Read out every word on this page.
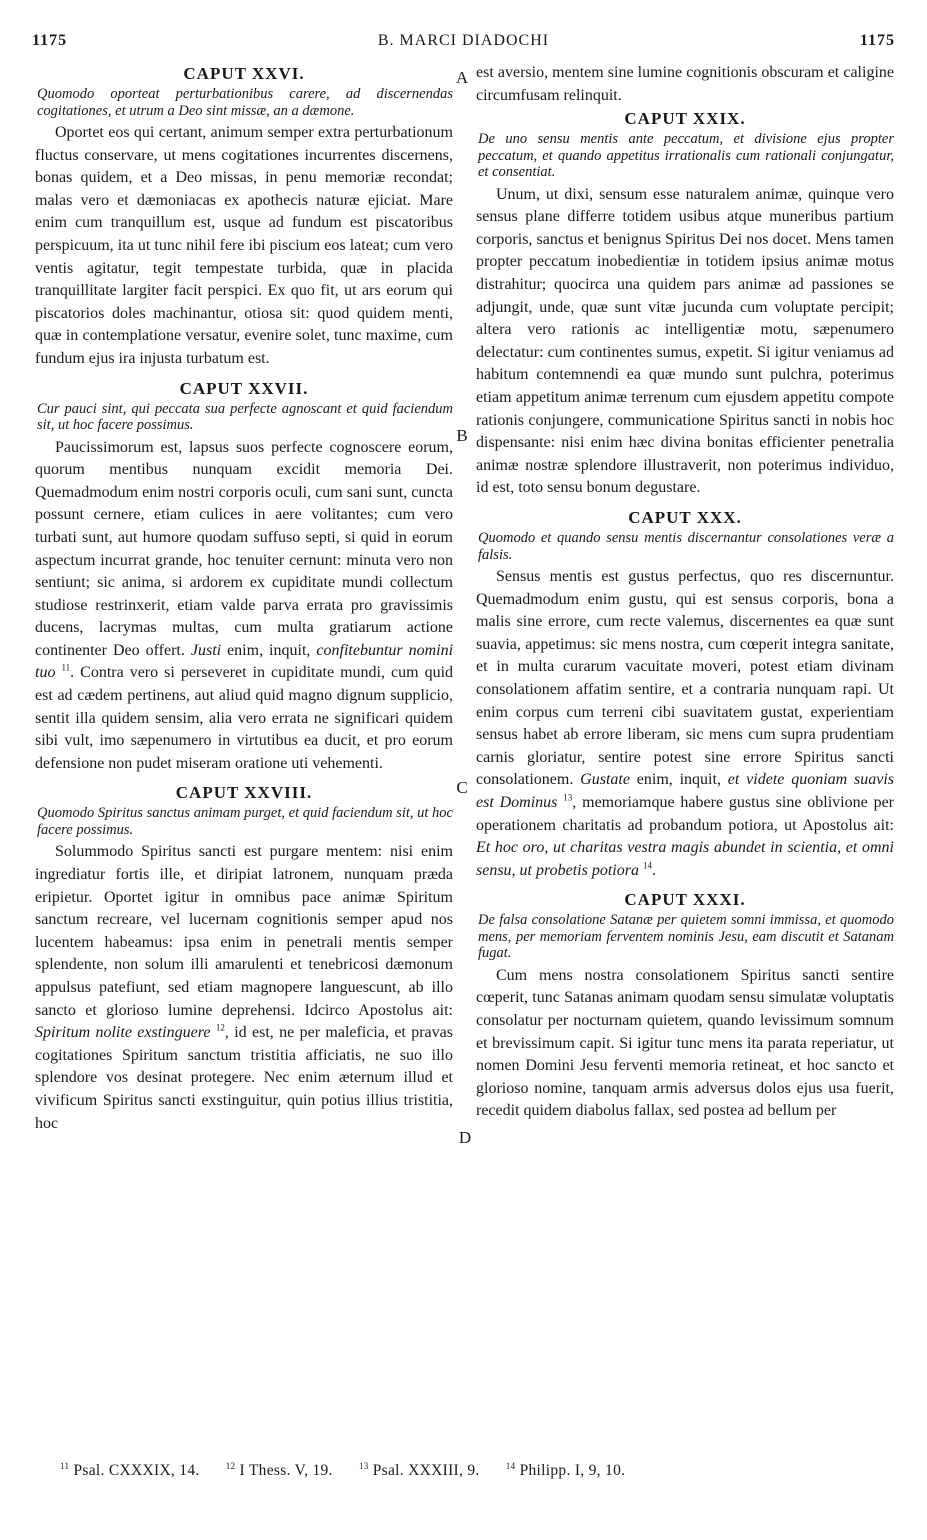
1175	B. MARCI DIADOCHI	1175
A
B
C
D
CAPUT XXVI.
Quomodo oporteat perturbationibus carere, ad discernendas cogitationes, et utrum a Deo sint missæ, an a dæmone.

Oportet eos qui certant, animum semper extra perturbationum fluctus conservare, ut mens cogitationes incurrentes discernens, bonas quidem, et a Deo missas, in penu memoriæ recondat; malas vero et dæmoniacas ex apothecis naturæ ejiciat. Mare enim cum tranquillum est, usque ad fundum est piscatoribus perspicuum, ita ut tunc nihil fere ibi piscium eos lateat; cum vero ventis agitatur, tegit tempestate turbida, quæ in placida tranquillitate largiter facit perspici. Ex quo fit, ut ars eorum qui piscatorios doles machinantur, otiosa sit: quod quidem menti, quæ in contemplatione versatur, evenire solet, tunc maxime, cum fundum ejus ira injusta turbatum est.

CAPUT XXVII.
Cur pauci sint, qui peccata sua perfecte agnoscant et quid faciendum sit, ut hoc facere possimus.

Paucissimorum est, lapsus suos perfecte cognoscere eorum, quorum mentibus nunquam excidit memoria Dei. Quemadmodum enim nostri corporis oculi, cum sani sunt, cuncta possunt cernere, etiam culices in aere volitantes; cum vero turbati sunt, aut humore quodam suffuso septi, si quid in eorum aspectum incurrat grande, hoc tenuiter cernunt: minuta vero non sentiunt; sic anima, si ardorem ex cupiditate mundi collectum studiose restrinxerit, etiam valde parva errata pro gravissimis ducens, lacrymas multas, cum multa gratiarum actione continenter Deo offert. Justi enim, inquit, confitebuntur nomini tuo $^{11}$. Contra vero si perseveret in cupiditate mundi, cum quid est ad cædem pertinens, aut aliud quid magno dignum supplicio, sentit illa quidem sensim, alia vero errata ne significari quidem sibi vult, imo sæpenumero in virtutibus ea ducit, et pro eorum defensione non pudet miseram oratione uti vehementi.

CAPUT XXVIII.
Quomodo Spiritus sanctus animam purget, et quid faciendum sit, ut hoc facere possimus.

Solummodo Spiritus sancti est purgare mentem: nisi enim ingrediatur fortis ille, et diripiat latronem, nunquam præda eripietur. Oportet igitur in omnibus pace animæ Spiritum sanctum recreare, vel lucernam cognitionis semper apud nos lucentem habeamus: ipsa enim in penetrali mentis semper splendente, non solum illi amarulenti et tenebricosi dæmonum appulsus patefiunt, sed etiam magnopere languescunt, ab illo sancto et glorioso lumine deprehensi. Idcirco Apostolus ait: Spiritum nolite exstinguere $^{12}$, id est, ne per maleficia, et pravas cogitationes Spiritum sanctum tristitia afficiatis, ne suo illo splendore vos desinat protegere. Nec enim æternum illud et vivificum Spiritus sancti exstinguitur, quin potius illius tristitia, hoc

est aversio, mentem sine lumine cognitionis obscuram et caligine circumfusam relinquit.

CAPUT XXIX.
De uno sensu mentis ante peccatum, et divisione ejus propter peccatum, et quando appetitus irrationalis cum rationali conjungatur, et consentiat.

Unum, ut dixi, sensum esse naturalem animæ, quinque vero sensus plane differre totidem usibus atque muneribus partium corporis, sanctus et benignus Spiritus Dei nos docet. Mens tamen propter peccatum inobedientiæ in totidem ipsius animæ motus distrahitur; quocirca una quidem pars animæ ad passiones se adjungit, unde, quæ sunt vitæ jucunda cum voluptate percipit; altera vero rationis ac intelligentiæ motu, sæpenumero delectatur: cum continentes sumus, expetit. Si igitur veniamus ad habitum contemnendi ea quæ mundo sunt pulchra, poterimus etiam appetitum animæ terrenum cum ejusdem appetitu compote rationis conjungere, communicatione Spiritus sancti in nobis hoc dispensante: nisi enim hæc divina bonitas efficienter penetralia animæ nostræ splendore illustraverit, non poterimus individuo, id est, toto sensu bonum degustare.

CAPUT XXX.
Quomodo et quando sensu mentis discernantur consolationes veræ a falsis.

Sensus mentis est gustus perfectus, quo res discernuntur. Quemadmodum enim gustu, qui est sensus corporis, bona a malis sine errore, cum recte valemus, discernentes ea quæ sunt suavia, appetimus: sic mens nostra, cum cœperit integra sanitate, et in multa curarum vacuitate moveri, potest etiam divinam consolationem affatim sentire, et a contraria nunquam rapi. Ut enim corpus cum terreni cibi suavitatem gustat, experientiam sensus habet ab errore liberam, sic mens cum supra prudentiam carnis gloriatur, sentire potest sine errore Spiritus sancti consolationem. Gustate enim, inquit, et videte quoniam suavis est Dominus $^{13}$, memoriamque habere gustus sine oblivione per operationem charitatis ad probandum potiora, ut Apostolus ait: Et hoc oro, ut charitas vestra magis abundet in scientia, et omni sensu, ut probetis potiora $^{14}$.

CAPUT XXXI.
De falsa consolatione Satanæ per quietem somni immissa, et quomodo mens, per memoriam ferventem nominis Jesu, eam discutit et Satanam fugat.

Cum mens nostra consolationem Spiritus sancti sentire cœperit, tunc Satanas animam quodam sensu simulatæ voluptatis consolatur per nocturnam quietem, quando levissimum somnum et brevissimum capit. Si igitur tunc mens ita parata reperiatur, ut nomen Domini Jesu ferventi memoria retineat, et hoc sancto et glorioso nomine, tanquam armis adversus dolos ejus usa fuerit, recedit quidem diabolus fallax, sed postea ad bellum per

$^{11}$ Psal. CXXXIX, 14.	$^{12}$ I Thess. V, 19.	$^{13}$ Psal. XXXIII, 9.	$^{14}$ Philipp. I, 9, 10.
